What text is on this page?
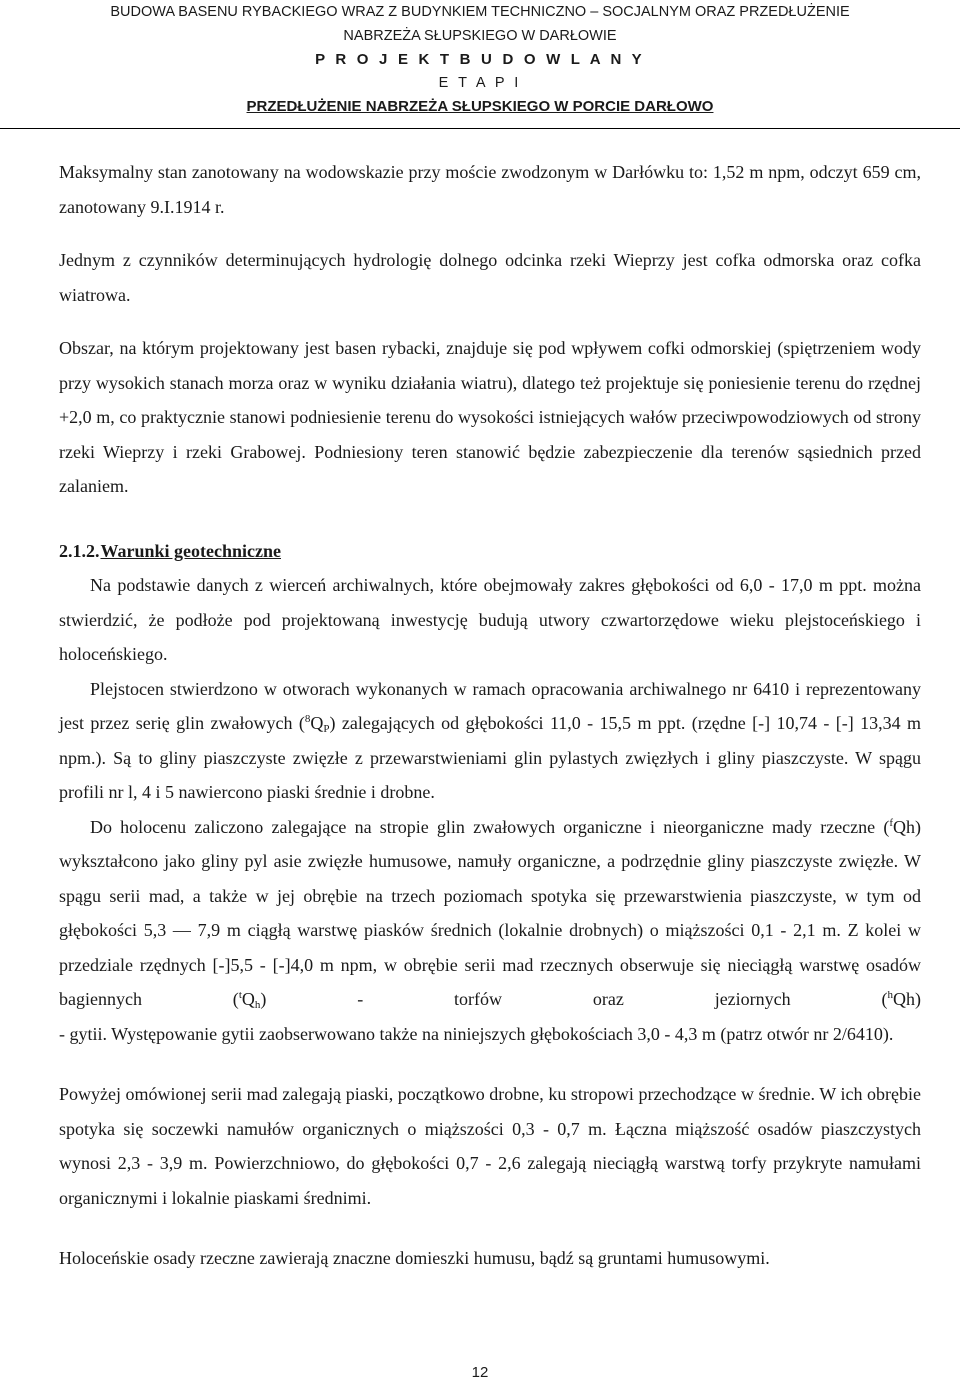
BUDOWA BASENU RYBACKIEGO WRAZ Z BUDYNKIEM TECHNICZNO – SOCJALNYM ORAZ PRZEDŁUŻENIE
NABRZEŻA SŁUPSKIEGO W DARŁOWIE
P R O J E K T B U D O W L A N Y
E T A P I
PRZEDŁUŻENIE NABRZEŻA SŁUPSKIEGO W PORCIE DARŁOWO

Maksymalny stan zanotowany na wodowskazie przy moście zwodzonym w Darłówku to: 1,52 m npm, odczyt 659 cm, zanotowany 9.I.1914 r.

Jednym z czynników determinujących hydrologię dolnego odcinka rzeki Wieprzy jest cofka odmorska oraz cofka wiatrowa.

Obszar, na którym projektowany jest basen rybacki, znajduje się pod wpływem cofki odmorskiej (spiętrzeniem wody przy wysokich stanach morza oraz w wyniku działania wiatru), dlatego też projektuje się poniesienie terenu do rzędnej +2,0 m, co praktycznie stanowi podniesienie terenu do wysokości istniejących wałów przeciwpowodziowych od strony rzeki Wieprzy i rzeki Grabowej. Podniesiony teren stanowić będzie zabezpieczenie dla terenów sąsiednich przed zalaniem.

2.1.2.Warunki geotechniczne

Na podstawie danych z wierceń archiwalnych, które obejmowały zakres głębokości od 6,0 - 17,0 m ppt. można stwierdzić, że podłoże pod projektowaną inwestycję budują utwory czwartorzędowe wieku plejstoceńskiego i holoceńskiego.

Plejstocen stwierdzono w otworach wykonanych w ramach opracowania archiwalnego nr 6410 i reprezentowany jest przez serię glin zwałowych $(^8Q_P)$ zalegających od głębokości 11,0 - 15,5 m ppt. (rzędne [-] 10,74 - [-] 13,34 m npm.). Są to gliny piaszczyste zwięzłe z przewarstwieniami glin pylastych zwięzłych i gliny piaszczyste. W spągu profili nr l, 4 i 5 nawiercono piaski średnie i drobne.

Do holocenu zaliczono zalegające na stropie glin zwałowych organiczne i nieorganiczne mady rzeczne ($^f$Qh) wykształcono jako gliny pyl asie zwięzłe humusowe, namuły organiczne, a podrzędnie gliny piaszczyste zwięzłe. W spągu serii mad, a także w jej obrębie na trzech poziomach spotyka się przewarstwienia piaszczyste, w tym od głębokości 5,3 — 7,9 m ciągłą warstwę piasków średnich (lokalnie drobnych) o miąższości 0,1 - 2,1 m. Z kolei w przedziale rzędnych [-]5,5 - [-]4,0 m npm, w obrębie serii mad rzecznych obserwuje się nieciągłą warstwę osadów bagiennych $(^tQ_h)$ - torfów oraz jeziornych ($^h$Qh)

- gytii. Występowanie gytii zaobserwowano także na niniejszych głębokościach 3,0 - 4,3 m (patrz otwór nr 2/6410).

Powyżej omówionej serii mad zalegają piaski, początkowo drobne, ku stropowi przechodzące w średnie. W ich obrębie spotyka się soczewki namułów organicznych o miąższości 0,3 - 0,7 m. Łączna miąższość osadów piaszczystych wynosi 2,3 - 3,9 m. Powierzchniowo, do głębokości 0,7 - 2,6 zalegają nieciągłą warstwą torfy przykryte namułami organicznymi i lokalnie piaskami średnimi.

Holoceńskie osady rzeczne zawierają znaczne domieszki humusu, bądź są gruntami humusowymi.

12
